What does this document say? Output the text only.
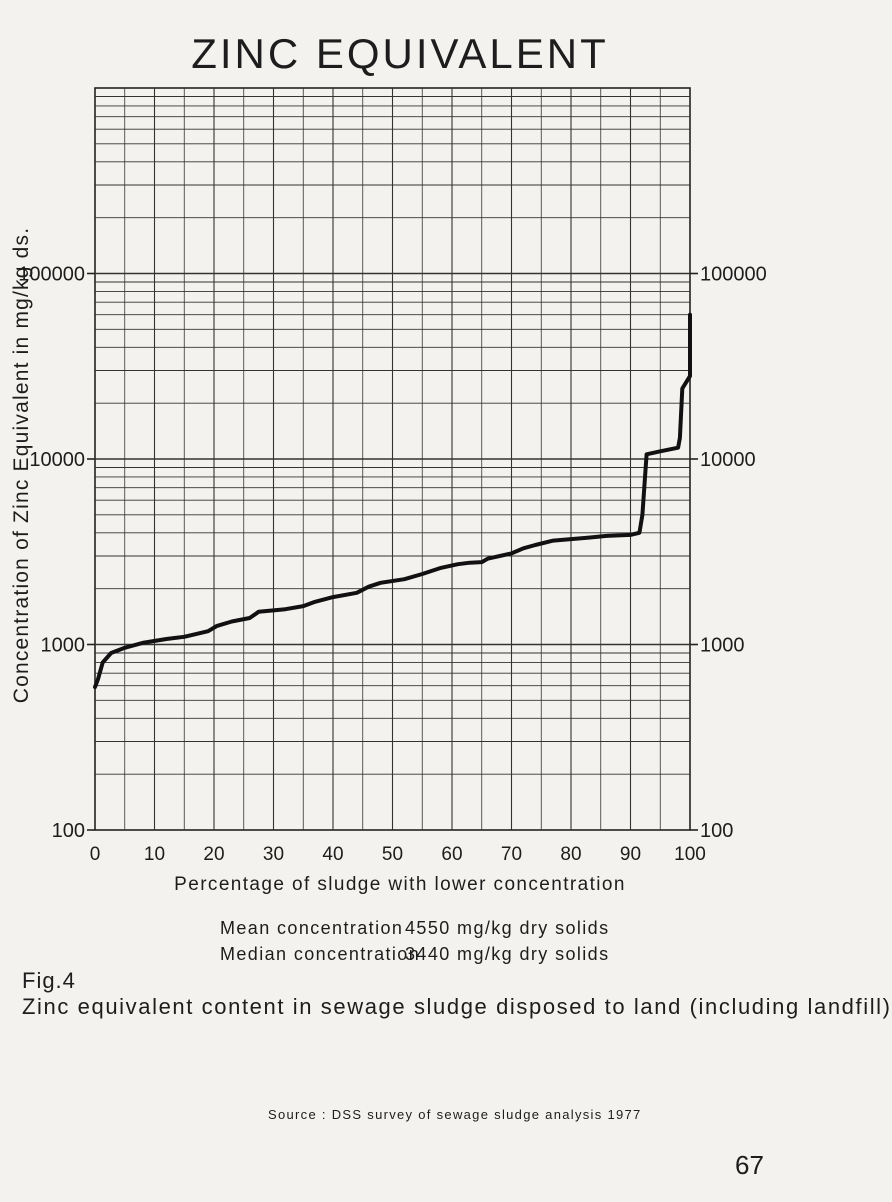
ZINC EQUIVALENT
100
1000
10000
100000
100
1000
10000
100000
0 10 20 30 40 50 60 70 80 90 100
Concentration of Zinc Equivalent in mg/kg ds.
Percentage of sludge with lower concentration
Mean concentration 4550 mg/kg dry solids
Median concentration
3440 mg/kg dry solids
Fig.4
Zinc equivalent content in sewage sludge disposed to land (including landfill)
Source : DSS survey of sewage sludge analysis 1977
67
